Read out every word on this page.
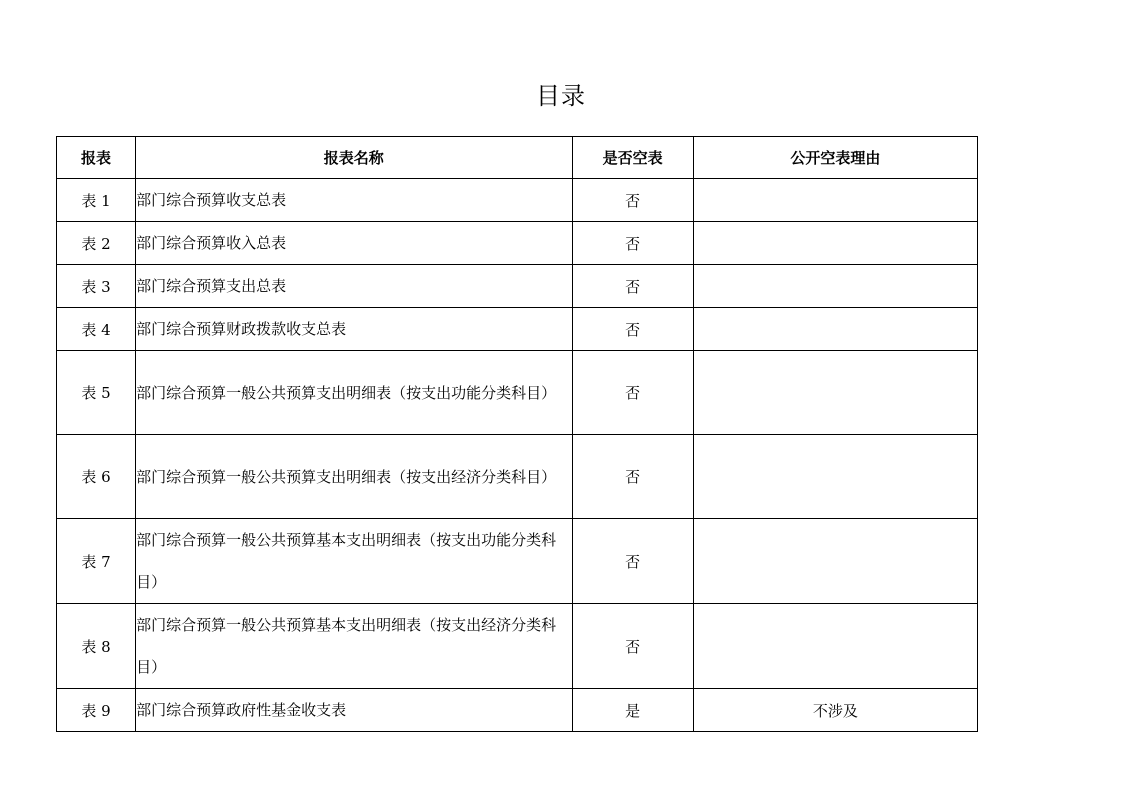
目录
报表	报表名称	是否空表	公开空表理由
表 1	部门综合预算收支总表	否	
表 2	部门综合预算收入总表	否	
表 3	部门综合预算支出总表	否	
表 4	部门综合预算财政拨款收支总表	否	
表 5	部门综合预算一般公共预算支出明细表（按支出功能分类科目）	否	
表 6	部门综合预算一般公共预算支出明细表（按支出经济分类科目）	否	
表 7	部门综合预算一般公共预算基本支出明细表（按支出功能分类科目）	否	
表 8	部门综合预算一般公共预算基本支出明细表（按支出经济分类科目）	否	
表 9	部门综合预算政府性基金收支表	是	不涉及
